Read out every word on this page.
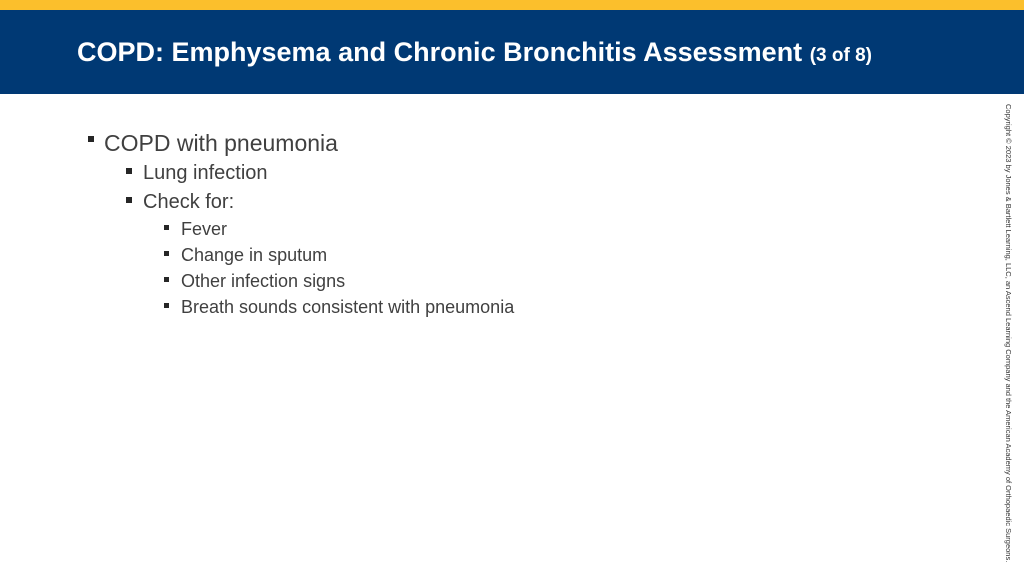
COPD: Emphysema and Chronic Bronchitis Assessment (3 of 8)
COPD with pneumonia
Lung infection
Check for:
Fever
Change in sputum
Other infection signs
Breath sounds consistent with pneumonia	Copyright © 2023 by Jones & Bartlett Learning, LLC, an Ascend Learning Company and the American Academy of Orthopaedic Surgeons.
